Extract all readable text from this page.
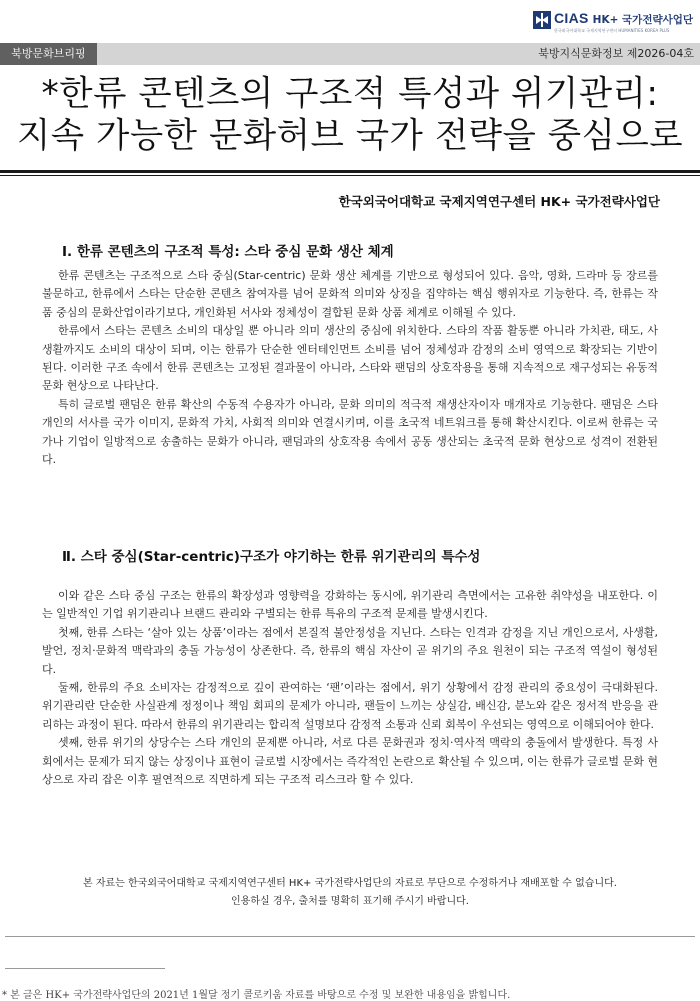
CIAS HK+ 국가전략사업단
한국외국어대학교 국제지역연구센터 HUMANITIES KOREA PLUS
북방문화브리핑	북방지식문화정보 제2026-04호
*한류 콘텐츠의 구조적 특성과 위기관리:
지속 가능한 문화허브 국가 전략을 중심으로
한국외국어대학교 국제지역연구센터 HK+ 국가전략사업단
Ⅰ. 한류 콘텐츠의 구조적 특성: 스타 중심 문화 생산 체계

한류 콘텐츠는 구조적으로 스타 중심(Star-centric) 문화 생산 체계를 기반으로 형성되어 있다. 음악, 영화, 드라마 등 장르를 불문하고, 한류에서 스타는 단순한 콘텐츠 참여자를 넘어 문화적 의미와 상징을 집약하는 핵심 행위자로 기능한다. 즉, 한류는 작품 중심의 문화산업이라기보다, 개인화된 서사와 정체성이 결합된 문화 상품 체계로 이해될 수 있다.

한류에서 스타는 콘텐츠 소비의 대상일 뿐 아니라 의미 생산의 중심에 위치한다. 스타의 작품 활동뿐 아니라 가치관, 태도, 사생활까지도 소비의 대상이 되며, 이는 한류가 단순한 엔터테인먼트 소비를 넘어 정체성과 감정의 소비 영역으로 확장되는 기반이 된다. 이러한 구조 속에서 한류 콘텐츠는 고정된 결과물이 아니라, 스타와 팬덤의 상호작용을 통해 지속적으로 재구성되는 유동적 문화 현상으로 나타난다.

특히 글로벌 팬덤은 한류 확산의 수동적 수용자가 아니라, 문화 의미의 적극적 재생산자이자 매개자로 기능한다. 팬덤은 스타 개인의 서사를 국가 이미지, 문화적 가치, 사회적 의미와 연결시키며, 이를 초국적 네트워크를 통해 확산시킨다. 이로써 한류는 국가나 기업이 일방적으로 송출하는 문화가 아니라, 팬덤과의 상호작용 속에서 공동 생산되는 초국적 문화 현상으로 성격이 전환된다.

Ⅱ. 스타 중심(Star-centric)구조가 야기하는 한류 위기관리의 특수성

이와 같은 스타 중심 구조는 한류의 확장성과 영향력을 강화하는 동시에, 위기관리 측면에서는 고유한 취약성을 내포한다. 이는 일반적인 기업 위기관리나 브랜드 관리와 구별되는 한류 특유의 구조적 문제를 발생시킨다.

첫째, 한류 스타는 ‘살아 있는 상품’이라는 점에서 본질적 불안정성을 지닌다. 스타는 인격과 감정을 지닌 개인으로서, 사생활, 발언, 정치·문화적 맥락과의 충돌 가능성이 상존한다. 즉, 한류의 핵심 자산이 곧 위기의 주요 원천이 되는 구조적 역설이 형성된다.

둘째, 한류의 주요 소비자는 감정적으로 깊이 관여하는 ‘팬’이라는 점에서, 위기 상황에서 감정 관리의 중요성이 극대화된다. 위기관리란 단순한 사실관계 정정이나 책임 회피의 문제가 아니라, 팬들이 느끼는 상실감, 배신감, 분노와 같은 정서적 반응을 관리하는 과정이 된다. 따라서 한류의 위기관리는 합리적 설명보다 감정적 소통과 신뢰 회복이 우선되는 영역으로 이해되어야 한다.

셋째, 한류 위기의 상당수는 스타 개인의 문제뿐 아니라, 서로 다른 문화권과 정치·역사적 맥락의 충돌에서 발생한다. 특정 사회에서는 문제가 되지 않는 상징이나 표현이 글로벌 시장에서는 즉각적인 논란으로 확산될 수 있으며, 이는 한류가 글로벌 문화 현상으로 자리 잡은 이후 필연적으로 직면하게 되는 구조적 리스크라 할 수 있다.

본 자료는 한국외국어대학교 국제지역연구센터 HK+ 국가전략사업단의 자료로 무단으로 수정하거나 재배포할 수 없습니다.
인용하실 경우, 출처를 명확히 표기해 주시기 바랍니다.
* 본 글은 HK+ 국가전략사업단의 2021년 1월달 정기 콜로키움 자료를 바탕으로 수정 및 보완한 내용임을 밝힙니다.
